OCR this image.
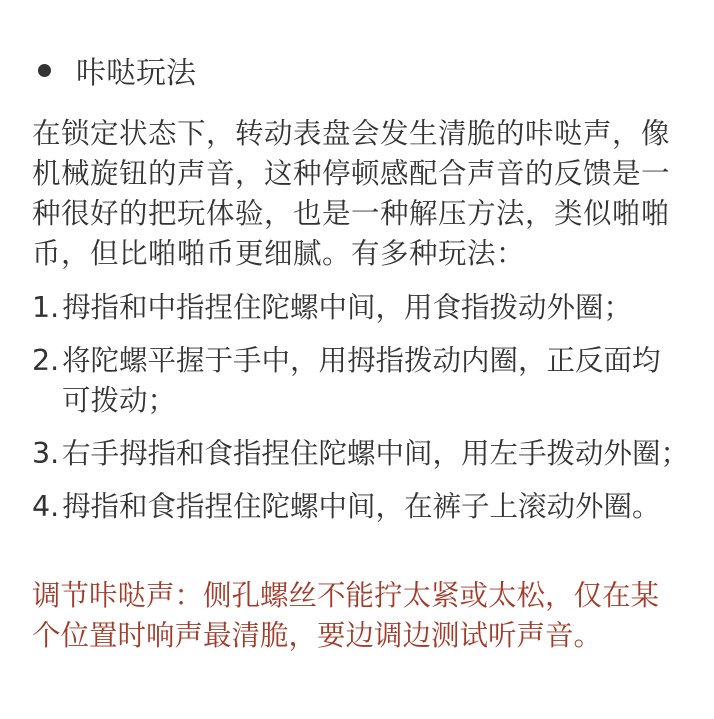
咔哒玩法
在锁定状态下，转动表盘会发生清脆的咔哒声，像
机械旋钮的声音，这种停顿感配合声音的反馈是一
种很好的把玩体验，也是一种解压方法，类似啪啪
币，但比啪啪币更细腻。有多种玩法：
1. 拇指和中指捏住陀螺中间，用食指拨动外圈；
2. 将陀螺平握于手中，用拇指拨动内圈，正反面均
可拨动；
3. 右手拇指和食指捏住陀螺中间，用左手拨动外圈；
4. 拇指和食指捏住陀螺中间，在裤子上滚动外圈。
调节咔哒声：侧孔螺丝不能拧太紧或太松，仅在某
个位置时响声最清脆，要边调边测试听声音。
